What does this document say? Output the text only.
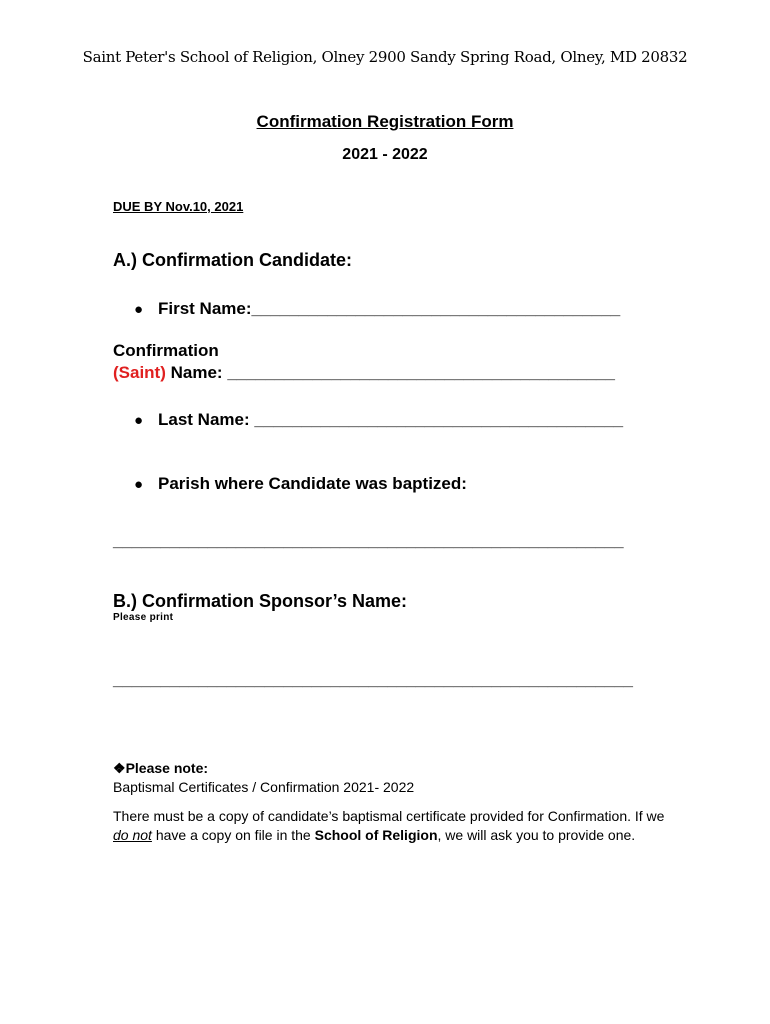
Saint Peter's School of Religion, Olney 2900 Sandy Spring Road, Olney, MD 20832
Confirmation Registration Form
2021 - 2022
DUE BY Nov.10, 2021
A.) Confirmation Candidate:
● First Name:_______________________________________
Confirmation
(Saint) Name: _________________________________________
● Last Name: _______________________________________
● Parish where Candidate was baptized:
______________________________________________________
B.) Confirmation Sponsor’s Name:
Please print
_______________________________________________________
❖Please note:
Baptismal Certificates / Confirmation 2021- 2022
There must be a copy of candidate’s baptismal certificate provided for Confirmation. If we do not have a copy on file in the School of Religion, we will ask you to provide one.
